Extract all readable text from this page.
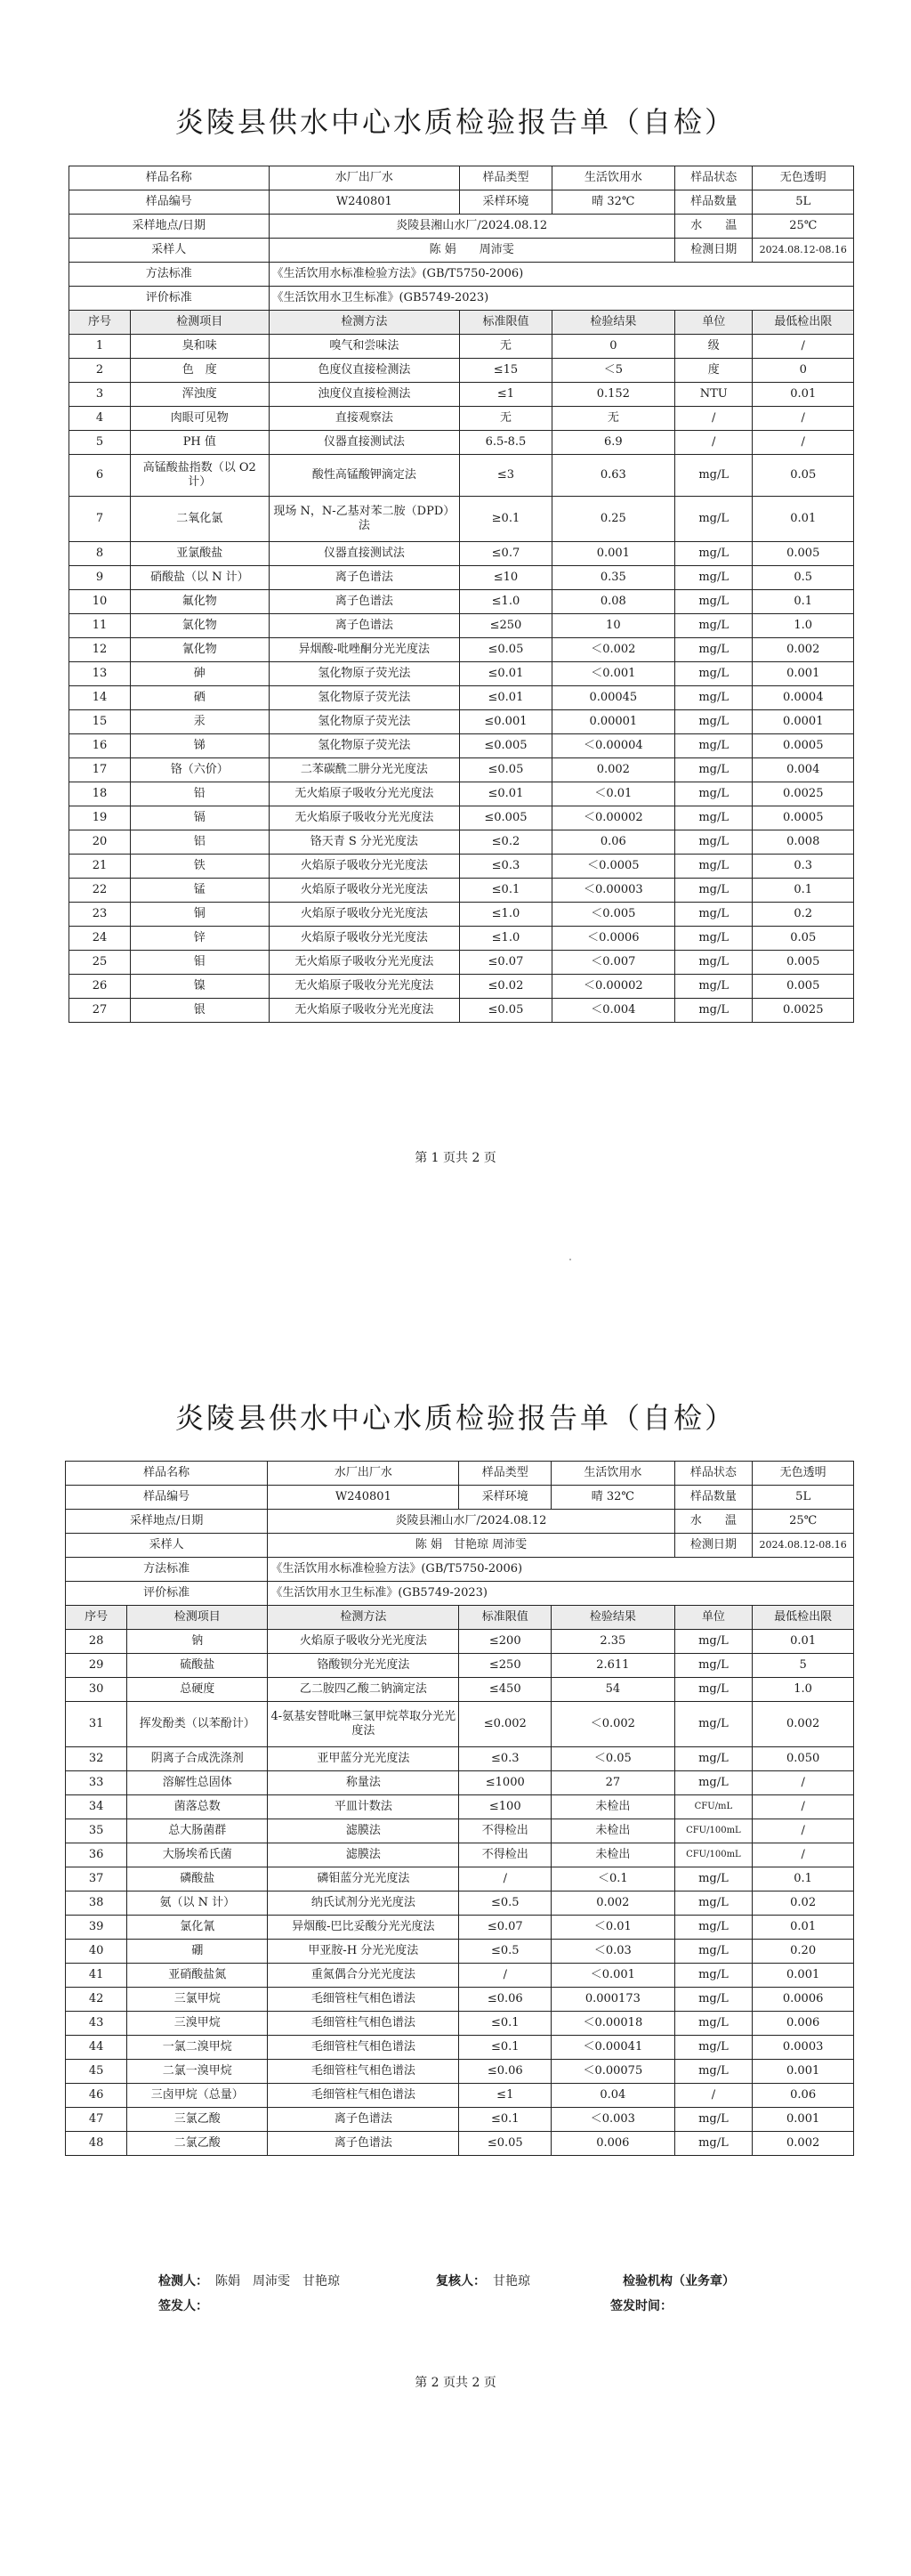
炎陵县供水中心水质检验报告单（自检）
样品名称		水厂出厂水	样品类型	生活饮用水	样品状态	无色透明
样品编号		W240801	采样环境	晴 32℃	样品数量	5L
采样地点/日期		炎陵县湘山水厂/2024.08.12			水　　温	25℃
采样人		陈 娟　　周沛雯			检测日期	2024.08.12-08.16
方法标准		《生活饮用水标准检验方法》(GB/T5750-2006)				
评价标准		《生活饮用水卫生标准》(GB5749-2023)				
序号	检测项目	检测方法	标准限值	检验结果	单位	最低检出限
1	臭和味	嗅气和尝味法	无	0	级	/
2	色　度	色度仪直接检测法	≤15	＜5	度	0
3	浑浊度	浊度仪直接检测法	≤1	0.152	NTU	0.01
4	肉眼可见物	直接观察法	无	无	/	/
5	PH 值	仪器直接测试法	6.5-8.5	6.9	/	/
6	高锰酸盐指数（以 O2 计）	酸性高锰酸钾滴定法	≤3	0.63	mg/L	0.05
7	二氧化氯	现场 N，N-乙基对苯二胺（DPD）法	≥0.1	0.25	mg/L	0.01
8	亚氯酸盐	仪器直接测试法	≤0.7	0.001	mg/L	0.005
9	硝酸盐（以 N 计）	离子色谱法	≤10	0.35	mg/L	0.5
10	氟化物	离子色谱法	≤1.0	0.08	mg/L	0.1
11	氯化物	离子色谱法	≤250	10	mg/L	1.0
12	氰化物	异烟酸-吡唑酮分光光度法	≤0.05	＜0.002	mg/L	0.002
13	砷	氢化物原子荧光法	≤0.01	＜0.001	mg/L	0.001
14	硒	氢化物原子荧光法	≤0.01	0.00045	mg/L	0.0004
15	汞	氢化物原子荧光法	≤0.001	0.00001	mg/L	0.0001
16	锑	氢化物原子荧光法	≤0.005	＜0.00004	mg/L	0.0005
17	铬（六价）	二苯碳酰二肼分光光度法	≤0.05	0.002	mg/L	0.004
18	铅	无火焰原子吸收分光光度法	≤0.01	＜0.01	mg/L	0.0025
19	镉	无火焰原子吸收分光光度法	≤0.005	＜0.00002	mg/L	0.0005
20	铝	铬天青 S 分光光度法	≤0.2	0.06	mg/L	0.008
21	铁	火焰原子吸收分光光度法	≤0.3	＜0.0005	mg/L	0.3
22	锰	火焰原子吸收分光光度法	≤0.1	＜0.00003	mg/L	0.1
23	铜	火焰原子吸收分光光度法	≤1.0	＜0.005	mg/L	0.2
24	锌	火焰原子吸收分光光度法	≤1.0	＜0.0006	mg/L	0.05
25	钼	无火焰原子吸收分光光度法	≤0.07	＜0.007	mg/L	0.005
26	镍	无火焰原子吸收分光光度法	≤0.02	＜0.00002	mg/L	0.005
27	银	无火焰原子吸收分光光度法	≤0.05	＜0.004	mg/L	0.0025
第 1 页共 2 页
炎陵县供水中心水质检验报告单（自检）
样品名称		水厂出厂水	样品类型	生活饮用水	样品状态	无色透明
样品编号		W240801	采样环境	晴 32℃	样品数量	5L
采样地点/日期		炎陵县湘山水厂/2024.08.12			水　　温	25℃
采样人		陈 娟　甘艳琼 周沛雯			检测日期	2024.08.12-08.16
方法标准		《生活饮用水标准检验方法》(GB/T5750-2006)				
评价标准		《生活饮用水卫生标准》(GB5749-2023)				
序号	检测项目	检测方法	标准限值	检验结果	单位	最低检出限
28	钠	火焰原子吸收分光光度法	≤200	2.35	mg/L	0.01
29	硫酸盐	铬酸钡分光光度法	≤250	2.611	mg/L	5
30	总硬度	乙二胺四乙酸二钠滴定法	≤450	54	mg/L	1.0
31	挥发酚类（以苯酚计）	4-氨基安替吡啉三氯甲烷萃取分光光度法	≤0.002	＜0.002	mg/L	0.002
32	阴离子合成洗涤剂	亚甲蓝分光光度法	≤0.3	＜0.05	mg/L	0.050
33	溶解性总固体	称量法	≤1000	27	mg/L	/
34	菌落总数	平皿计数法	≤100	未检出	CFU/mL	/
35	总大肠菌群	滤膜法	不得检出	未检出	CFU/100mL	/
36	大肠埃希氏菌	滤膜法	不得检出	未检出	CFU/100mL	/
37	磷酸盐	磷钼蓝分光光度法	/	＜0.1	mg/L	0.1
38	氨（以 N 计）	纳氏试剂分光光度法	≤0.5	0.002	mg/L	0.02
39	氯化氰	异烟酸-巴比妥酸分光光度法	≤0.07	＜0.01	mg/L	0.01
40	硼	甲亚胺-H 分光光度法	≤0.5	＜0.03	mg/L	0.20
41	亚硝酸盐氮	重氮偶合分光光度法	/	＜0.001	mg/L	0.001
42	三氯甲烷	毛细管柱气相色谱法	≤0.06	0.000173	mg/L	0.0006
43	三溴甲烷	毛细管柱气相色谱法	≤0.1	＜0.00018	mg/L	0.006
44	一氯二溴甲烷	毛细管柱气相色谱法	≤0.1	＜0.00041	mg/L	0.0003
45	二氯一溴甲烷	毛细管柱气相色谱法	≤0.06	＜0.00075	mg/L	0.001
46	三卤甲烷（总量）	毛细管柱气相色谱法	≤1	0.04	/	0.06
47	三氯乙酸	离子色谱法	≤0.1	＜0.003	mg/L	0.001
48	二氯乙酸	离子色谱法	≤0.05	0.006	mg/L	0.002
检测人： 陈娟　周沛雯　甘艳琼	复核人： 甘艳琼	检验机构（业务章）
签发人：	签发时间：
第 2 页共 2 页
